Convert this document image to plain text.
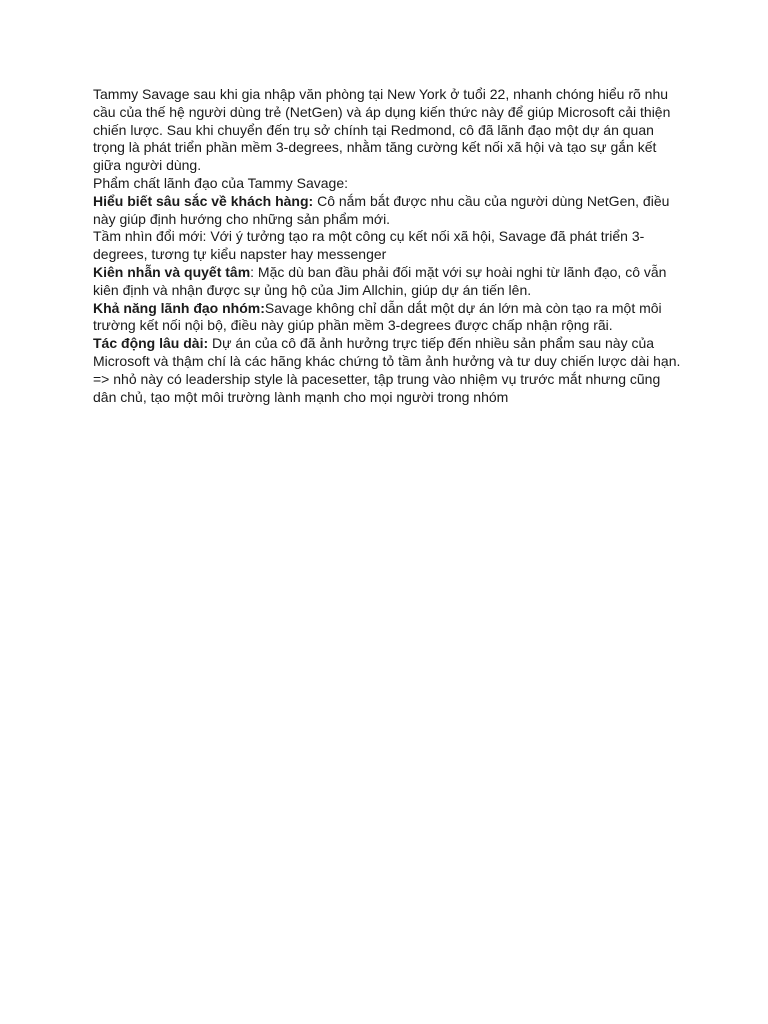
Tammy Savage sau khi gia nhập văn phòng tại New York ở tuổi 22, nhanh chóng hiểu rõ nhu cầu của thế hệ người dùng trẻ (NetGen) và áp dụng kiến thức này để giúp Microsoft cải thiện chiến lược. Sau khi chuyển đến trụ sở chính tại Redmond, cô đã lãnh đạo một dự án quan trọng là phát triển phần mềm 3-degrees, nhằm tăng cường kết nối xã hội và tạo sự gắn kết giữa người dùng.

Phẩm chất lãnh đạo của Tammy Savage:

Hiểu biết sâu sắc về khách hàng: Cô nắm bắt được nhu cầu của người dùng NetGen, điều này giúp định hướng cho những sản phẩm mới.

Tầm nhìn đổi mới: Với ý tưởng tạo ra một công cụ kết nối xã hội, Savage đã phát triển 3-degrees, tương tự kiểu napster hay messenger

Kiên nhẫn và quyết tâm: Mặc dù ban đầu phải đối mặt với sự hoài nghi từ lãnh đạo, cô vẫn kiên định và nhận được sự ủng hộ của Jim Allchin, giúp dự án tiến lên.

Khả năng lãnh đạo nhóm:Savage không chỉ dẫn dắt một dự án lớn mà còn tạo ra một môi trường kết nối nội bộ, điều này giúp phần mềm 3-degrees được chấp nhận rộng rãi.

Tác động lâu dài: Dự án của cô đã ảnh hưởng trực tiếp đến nhiều sản phẩm sau này của Microsoft và thậm chí là các hãng khác chứng tỏ tầm ảnh hưởng và tư duy chiến lược dài hạn.

=> nhỏ này có leadership style là pacesetter, tập trung vào nhiệm vụ trước mắt nhưng cũng dân chủ, tạo một môi trường lành mạnh cho mọi người trong nhóm
